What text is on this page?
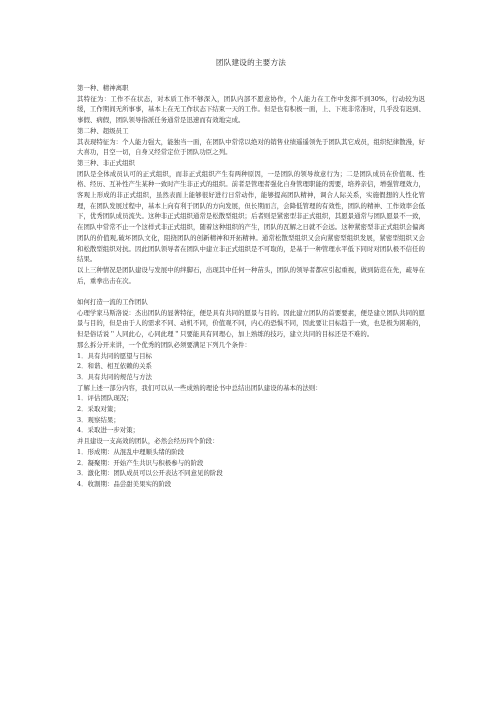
团队建设的主要方法

第一种、精神离职

其特征为：工作不在状态，对本质工作不够深入，团队内部不愿意协作，个人能力在工作中发挥不到30%，行动较为迟缓，工作期间无所事事，基本上在无工作状态下结束一天的工作。但是也有积极一面，上、下班非常准时，几乎没有迟到、事假、病假，团队领导指派任务通常是迅速而有效地完成。

第二种、超级员工

其表现特征为：个人能力强大，能独当一面，在团队中常常以绝对的销售业绩遥遥领先于团队其它成员，组织纪律散漫，好大喜功，目空一切，自身又经常定位于团队功臣之列。

第三种、非正式组织

团队是全体成员认可的正式组织，而非正式组织产生有两种原因，一是团队的领导故意行为；二是团队成员在价值观、性格、经历、互补性产生某种一致时产生非正式的组织。前者是管理者强化自身管理职能的需要，培养亲信，增强管理效力，客观上形成的非正式组织，虽然表面上能够很好进行日常动作，能够提高团队精神，调合人际关系，实施假想的人性化管理，在团队发展过程中，基本上向有利于团队的方向发展，但长期而言，会降低管理的有效性，团队的精神、工作效率会低下，优秀团队成员流失。这种非正式组织通常是松散型组织；后者则是紧密型非正式组织，其愿景通常与团队愿景不一致，在团队中常常不止一个这样式非正式组织，随着这种组织的产生，团队的瓦解之日就不会远。这种紧密型非正式组织会偏离团队的价值观,破坏团队文化，阻挠团队的创新精神和开拓精神。通常松散型组织又会向紧密型组织发展，紧密型组织又会和松散型组织对抗。因此团队领导者在团队中建立非正式组织是不可取的，是基于一种管理水平低下同时对团队极不信任的结果。

以上三种情况是团队建设与发展中的绊脚石，出现其中任何一种苗头，团队的领导者都应引起重视，做到防范在先，疏导在后，重拳出击在次。

如何打造一流的工作团队

心理学家马斯洛说：杰出团队的显著特征，便是具有共同的愿景与目的。因此建立团队的首要要素，便是建立团队共同的愿景与目的，但是由于人的需求不同、动机不同，价值观不同，内心的恐惧不同，因此要让目标趋于一致，也是极为困难的，但是俗话说＂人同此心，心同此理＂只要能具有同理心，加上熟练的技巧，建立共同的目标还是不难的。

那么拆分开来讲，一个优秀的团队必须要满足下列几个条件：

1．具有共同的愿望与目标

2．和谐、相互依赖的关系

3．具有共同的规范与方法

了解上述一部分内容，我们可以从一些成熟的理论书中总结出团队建设的基本的法则：

1．评估团队现况；

2．采取对策；

3．观察结果；

4．采取进一步对策；

并且建设一支高效的团队，必然会经历四个阶段：

1．形成期：从混乱中理顺头绪的阶段

2．凝聚期：开始产生共识与积极参与的阶段

3．激化期：团队成员可以公开表达不同意见的阶段

4．收割期：品尝甜美果实的阶段
